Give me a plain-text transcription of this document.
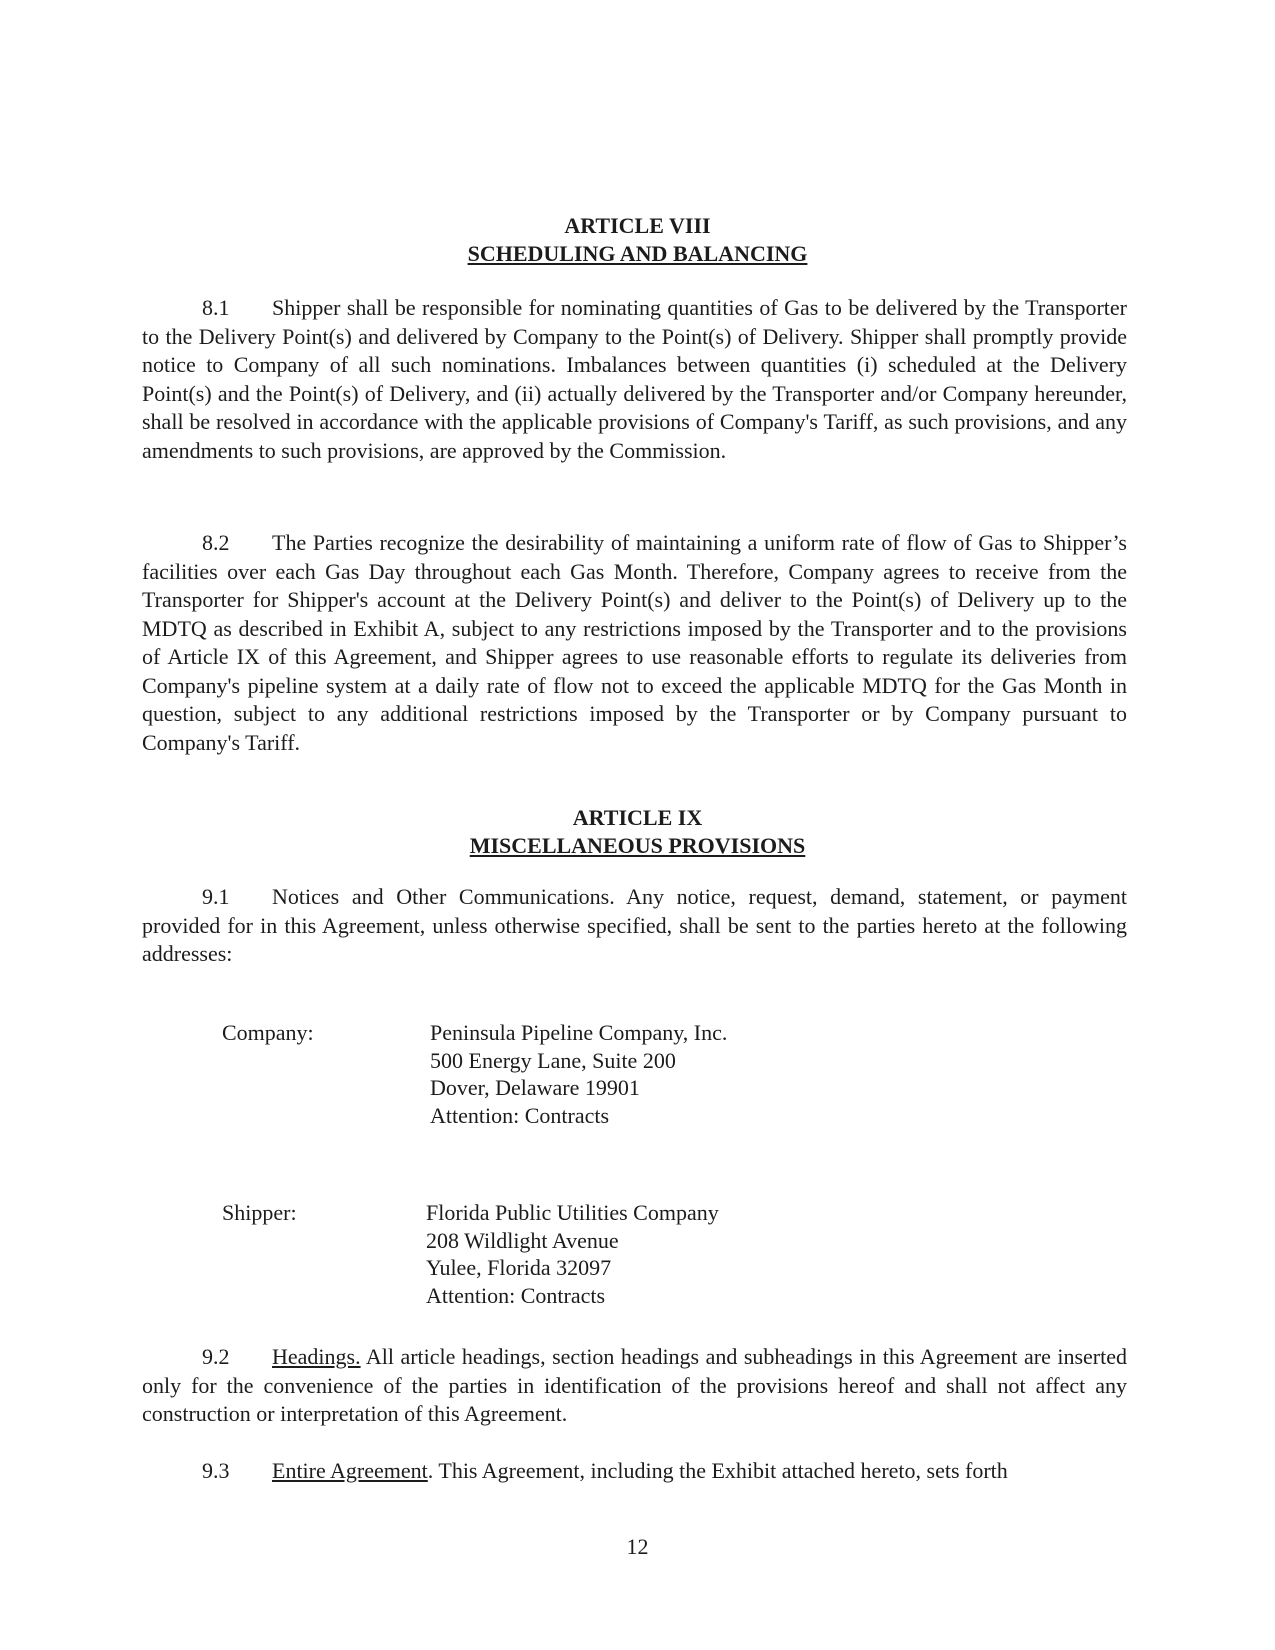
ARTICLE VIII
SCHEDULING AND BALANCING
8.1 Shipper shall be responsible for nominating quantities of Gas to be delivered by the Transporter to the Delivery Point(s) and delivered by Company to the Point(s) of Delivery. Shipper shall promptly provide notice to Company of all such nominations. Imbalances between quantities (i) scheduled at the Delivery Point(s) and the Point(s) of Delivery, and (ii) actually delivered by the Transporter and/or Company hereunder, shall be resolved in accordance with the applicable provisions of Company's Tariff, as such provisions, and any amendments to such provisions, are approved by the Commission.
8.2 The Parties recognize the desirability of maintaining a uniform rate of flow of Gas to Shipper’s facilities over each Gas Day throughout each Gas Month. Therefore, Company agrees to receive from the Transporter for Shipper's account at the Delivery Point(s) and deliver to the Point(s) of Delivery up to the MDTQ as described in Exhibit A, subject to any restrictions imposed by the Transporter and to the provisions of Article IX of this Agreement, and Shipper agrees to use reasonable efforts to regulate its deliveries from Company's pipeline system at a daily rate of flow not to exceed the applicable MDTQ for the Gas Month in question, subject to any additional restrictions imposed by the Transporter or by Company pursuant to Company's Tariff.
ARTICLE IX
MISCELLANEOUS PROVISIONS
9.1 Notices and Other Communications. Any notice, request, demand, statement, or payment provided for in this Agreement, unless otherwise specified, shall be sent to the parties hereto at the following addresses:
Company:	Peninsula Pipeline Company, Inc.
500 Energy Lane, Suite 200
Dover, Delaware 19901
Attention: Contracts
Shipper:	Florida Public Utilities Company
208 Wildlight Avenue
Yulee, Florida 32097
Attention: Contracts
9.2 Headings. All article headings, section headings and subheadings in this Agreement are inserted only for the convenience of the parties in identification of the provisions hereof and shall not affect any construction or interpretation of this Agreement.
9.3 Entire Agreement. This Agreement, including the Exhibit attached hereto, sets forth
12
